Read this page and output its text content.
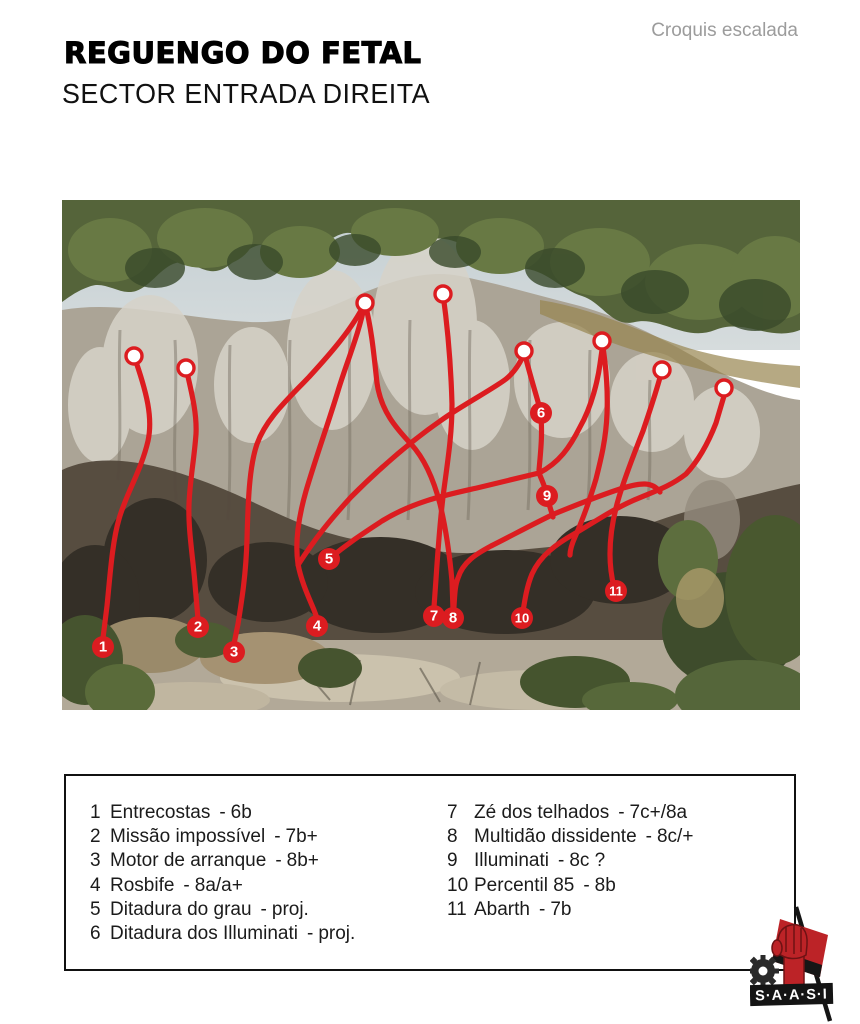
REGUENGO DO FETAL
SECTOR ENTRADA DIREITA
Croquis escalada
1
2
3
4
5
6
7 8
9
10
11
1 Entrecostas - 6b
2 Missão impossível - 7b+
3 Motor de arranque - 8b+
4 Rosbife - 8a/a+
5 Ditadura do grau - proj.
6 Ditadura dos Illuminati - proj.
7 Zé dos telhados - 7c+/8a
8 Multidão dissidente - 8c/+
9 Illuminati - 8c ?
10 Percentil 85 - 8b
11 Abarth - 7b
S·A·A·S·I
